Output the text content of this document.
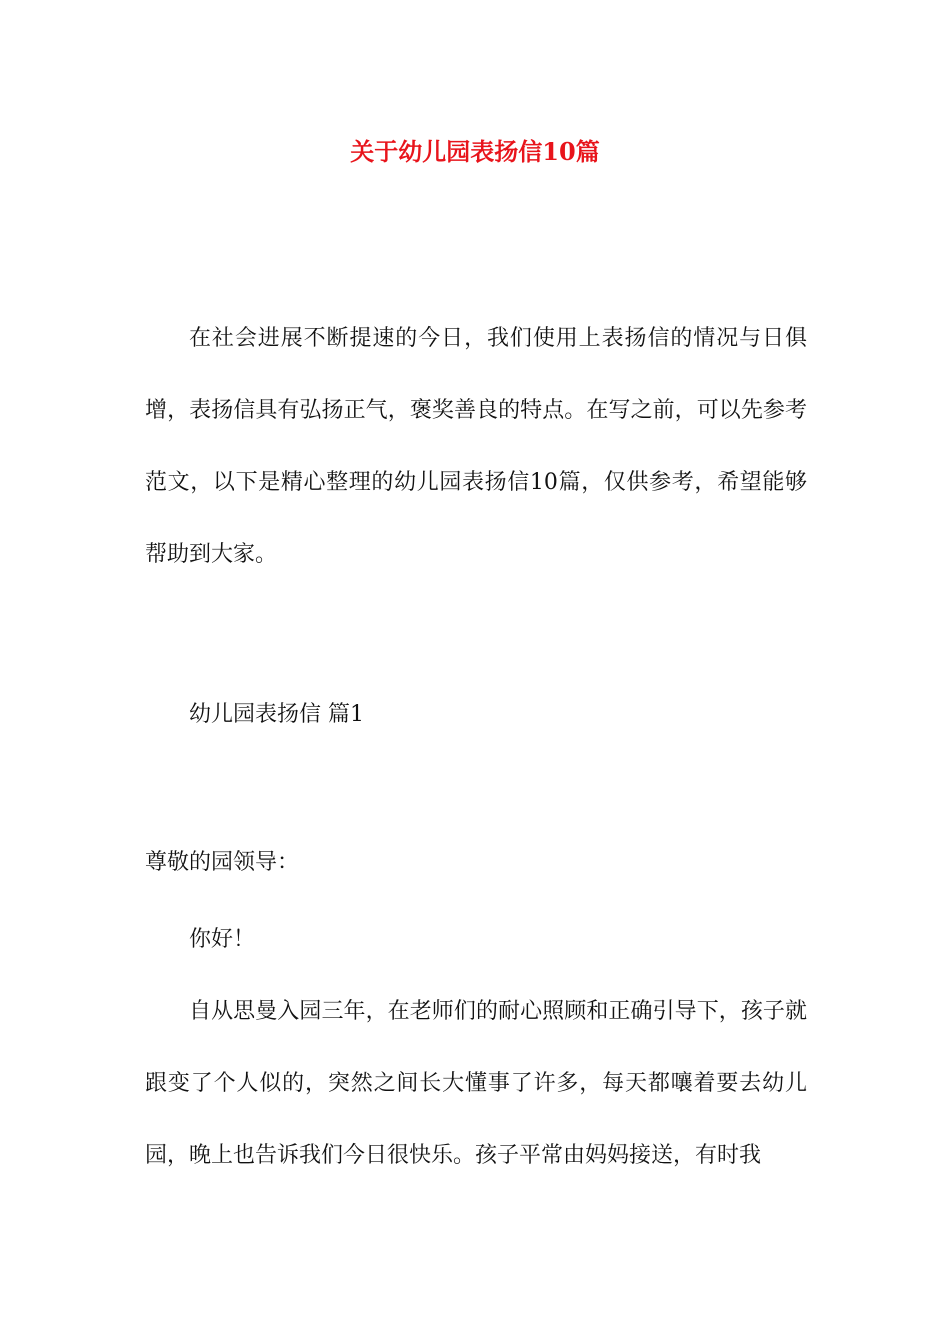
关于幼儿园表扬信10篇

在社会进展不断提速的今日，我们使用上表扬信的情况与日俱增，表扬信具有弘扬正气，褒奖善良的特点。在写之前，可以先参考范文，以下是精心整理的幼儿园表扬信10篇，仅供参考，希望能够帮助到大家。

幼儿园表扬信 篇1

尊敬的园领导：

你好！

自从思曼入园三年，在老师们的耐心照顾和正确引导下，孩子就跟变了个人似的，突然之间长大懂事了许多，每天都嚷着要去幼儿园，晚上也告诉我们今日很快乐。孩子平常由妈妈接送，有时我
